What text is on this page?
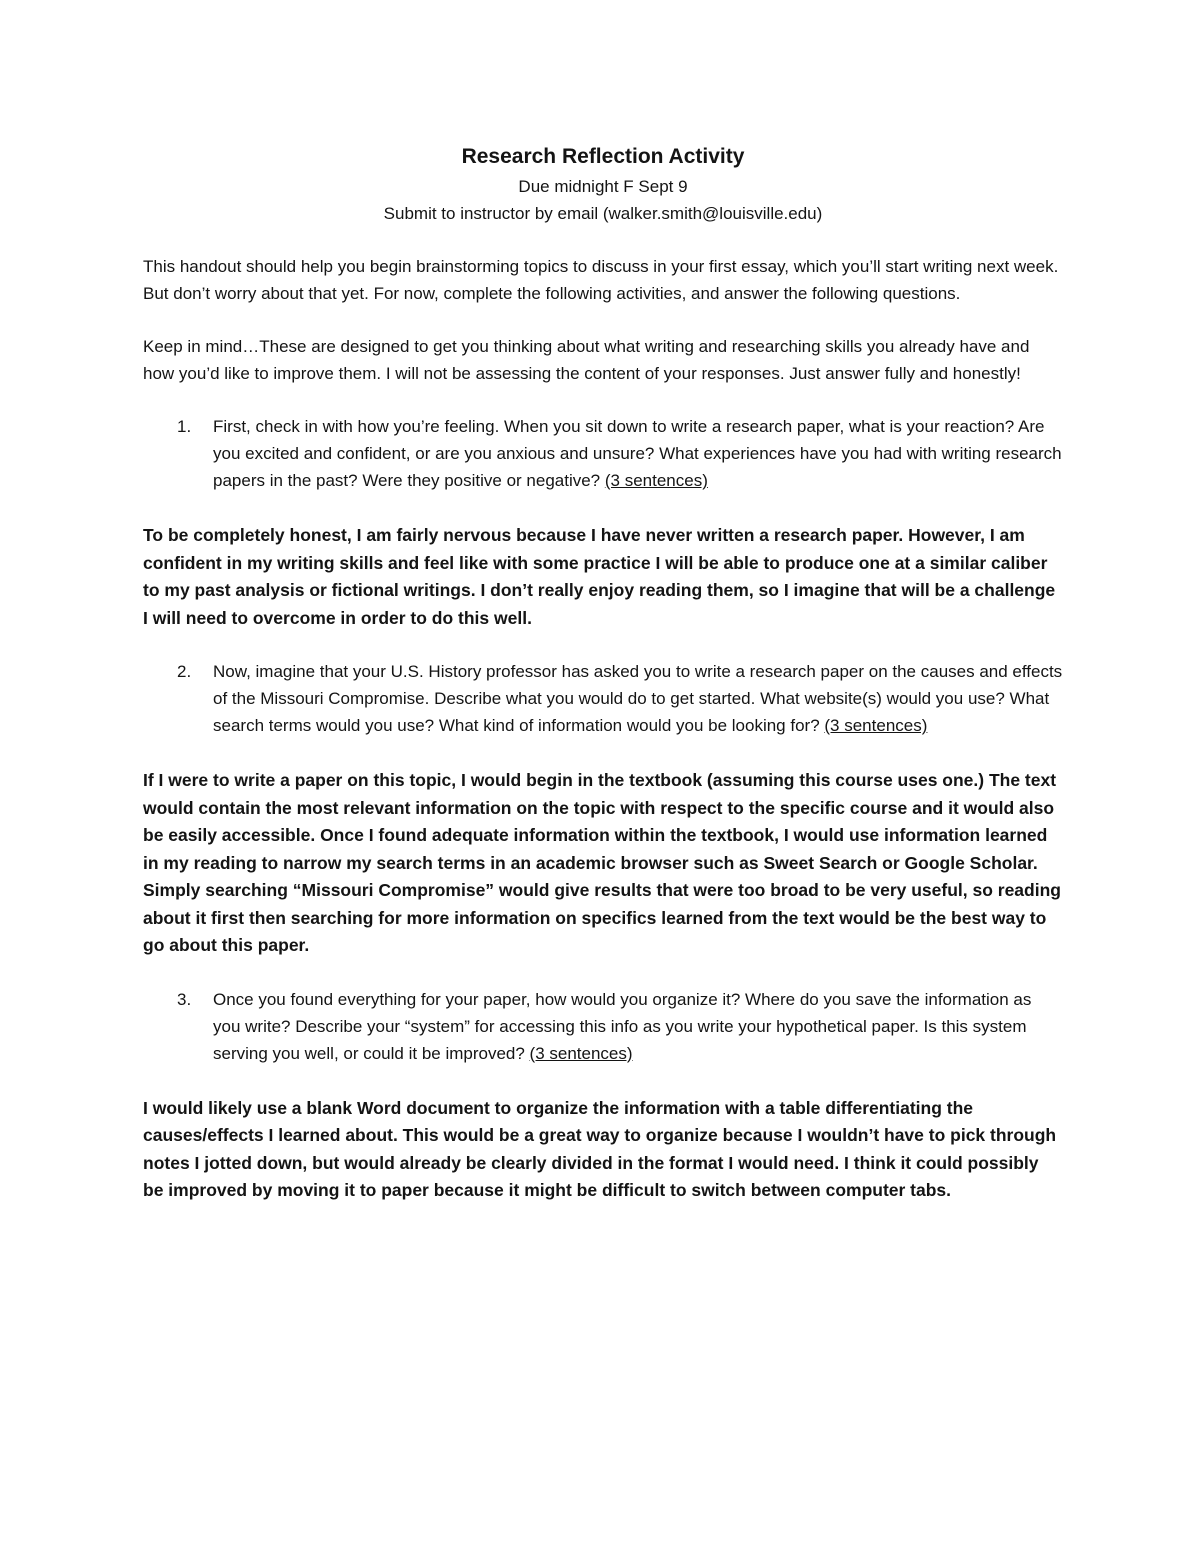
Research Reflection Activity

Due midnight F Sept 9

Submit to instructor by email (walker.smith@louisville.edu)

This handout should help you begin brainstorming topics to discuss in your first essay, which you’ll start writing next week. But don’t worry about that yet. For now, complete the following activities, and answer the following questions.

Keep in mind…These are designed to get you thinking about what writing and researching skills you already have and how you’d like to improve them. I will not be assessing the content of your responses. Just answer fully and honestly!

1. First, check in with how you’re feeling. When you sit down to write a research paper, what is your reaction? Are you excited and confident, or are you anxious and unsure? What experiences have you had with writing research papers in the past? Were they positive or negative? (3 sentences)

To be completely honest, I am fairly nervous because I have never written a research paper. However, I am confident in my writing skills and feel like with some practice I will be able to produce one at a similar caliber to my past analysis or fictional writings. I don’t really enjoy reading them, so I imagine that will be a challenge I will need to overcome in order to do this well.

2. Now, imagine that your U.S. History professor has asked you to write a research paper on the causes and effects of the Missouri Compromise. Describe what you would do to get started. What website(s) would you use? What search terms would you use? What kind of information would you be looking for? (3 sentences)

If I were to write a paper on this topic, I would begin in the textbook (assuming this course uses one.) The text would contain the most relevant information on the topic with respect to the specific course and it would also be easily accessible. Once I found adequate information within the textbook, I would use information learned in my reading to narrow my search terms in an academic browser such as Sweet Search or Google Scholar. Simply searching “Missouri Compromise” would give results that were too broad to be very useful, so reading about it first then searching for more information on specifics learned from the text would be the best way to go about this paper.

3. Once you found everything for your paper, how would you organize it? Where do you save the information as you write? Describe your “system” for accessing this info as you write your hypothetical paper. Is this system serving you well, or could it be improved? (3 sentences)

I would likely use a blank Word document to organize the information with a table differentiating the causes/effects I learned about. This would be a great way to organize because I wouldn’t have to pick through notes I jotted down, but would already be clearly divided in the format I would need. I think it could possibly be improved by moving it to paper because it might be difficult to switch between computer tabs.
